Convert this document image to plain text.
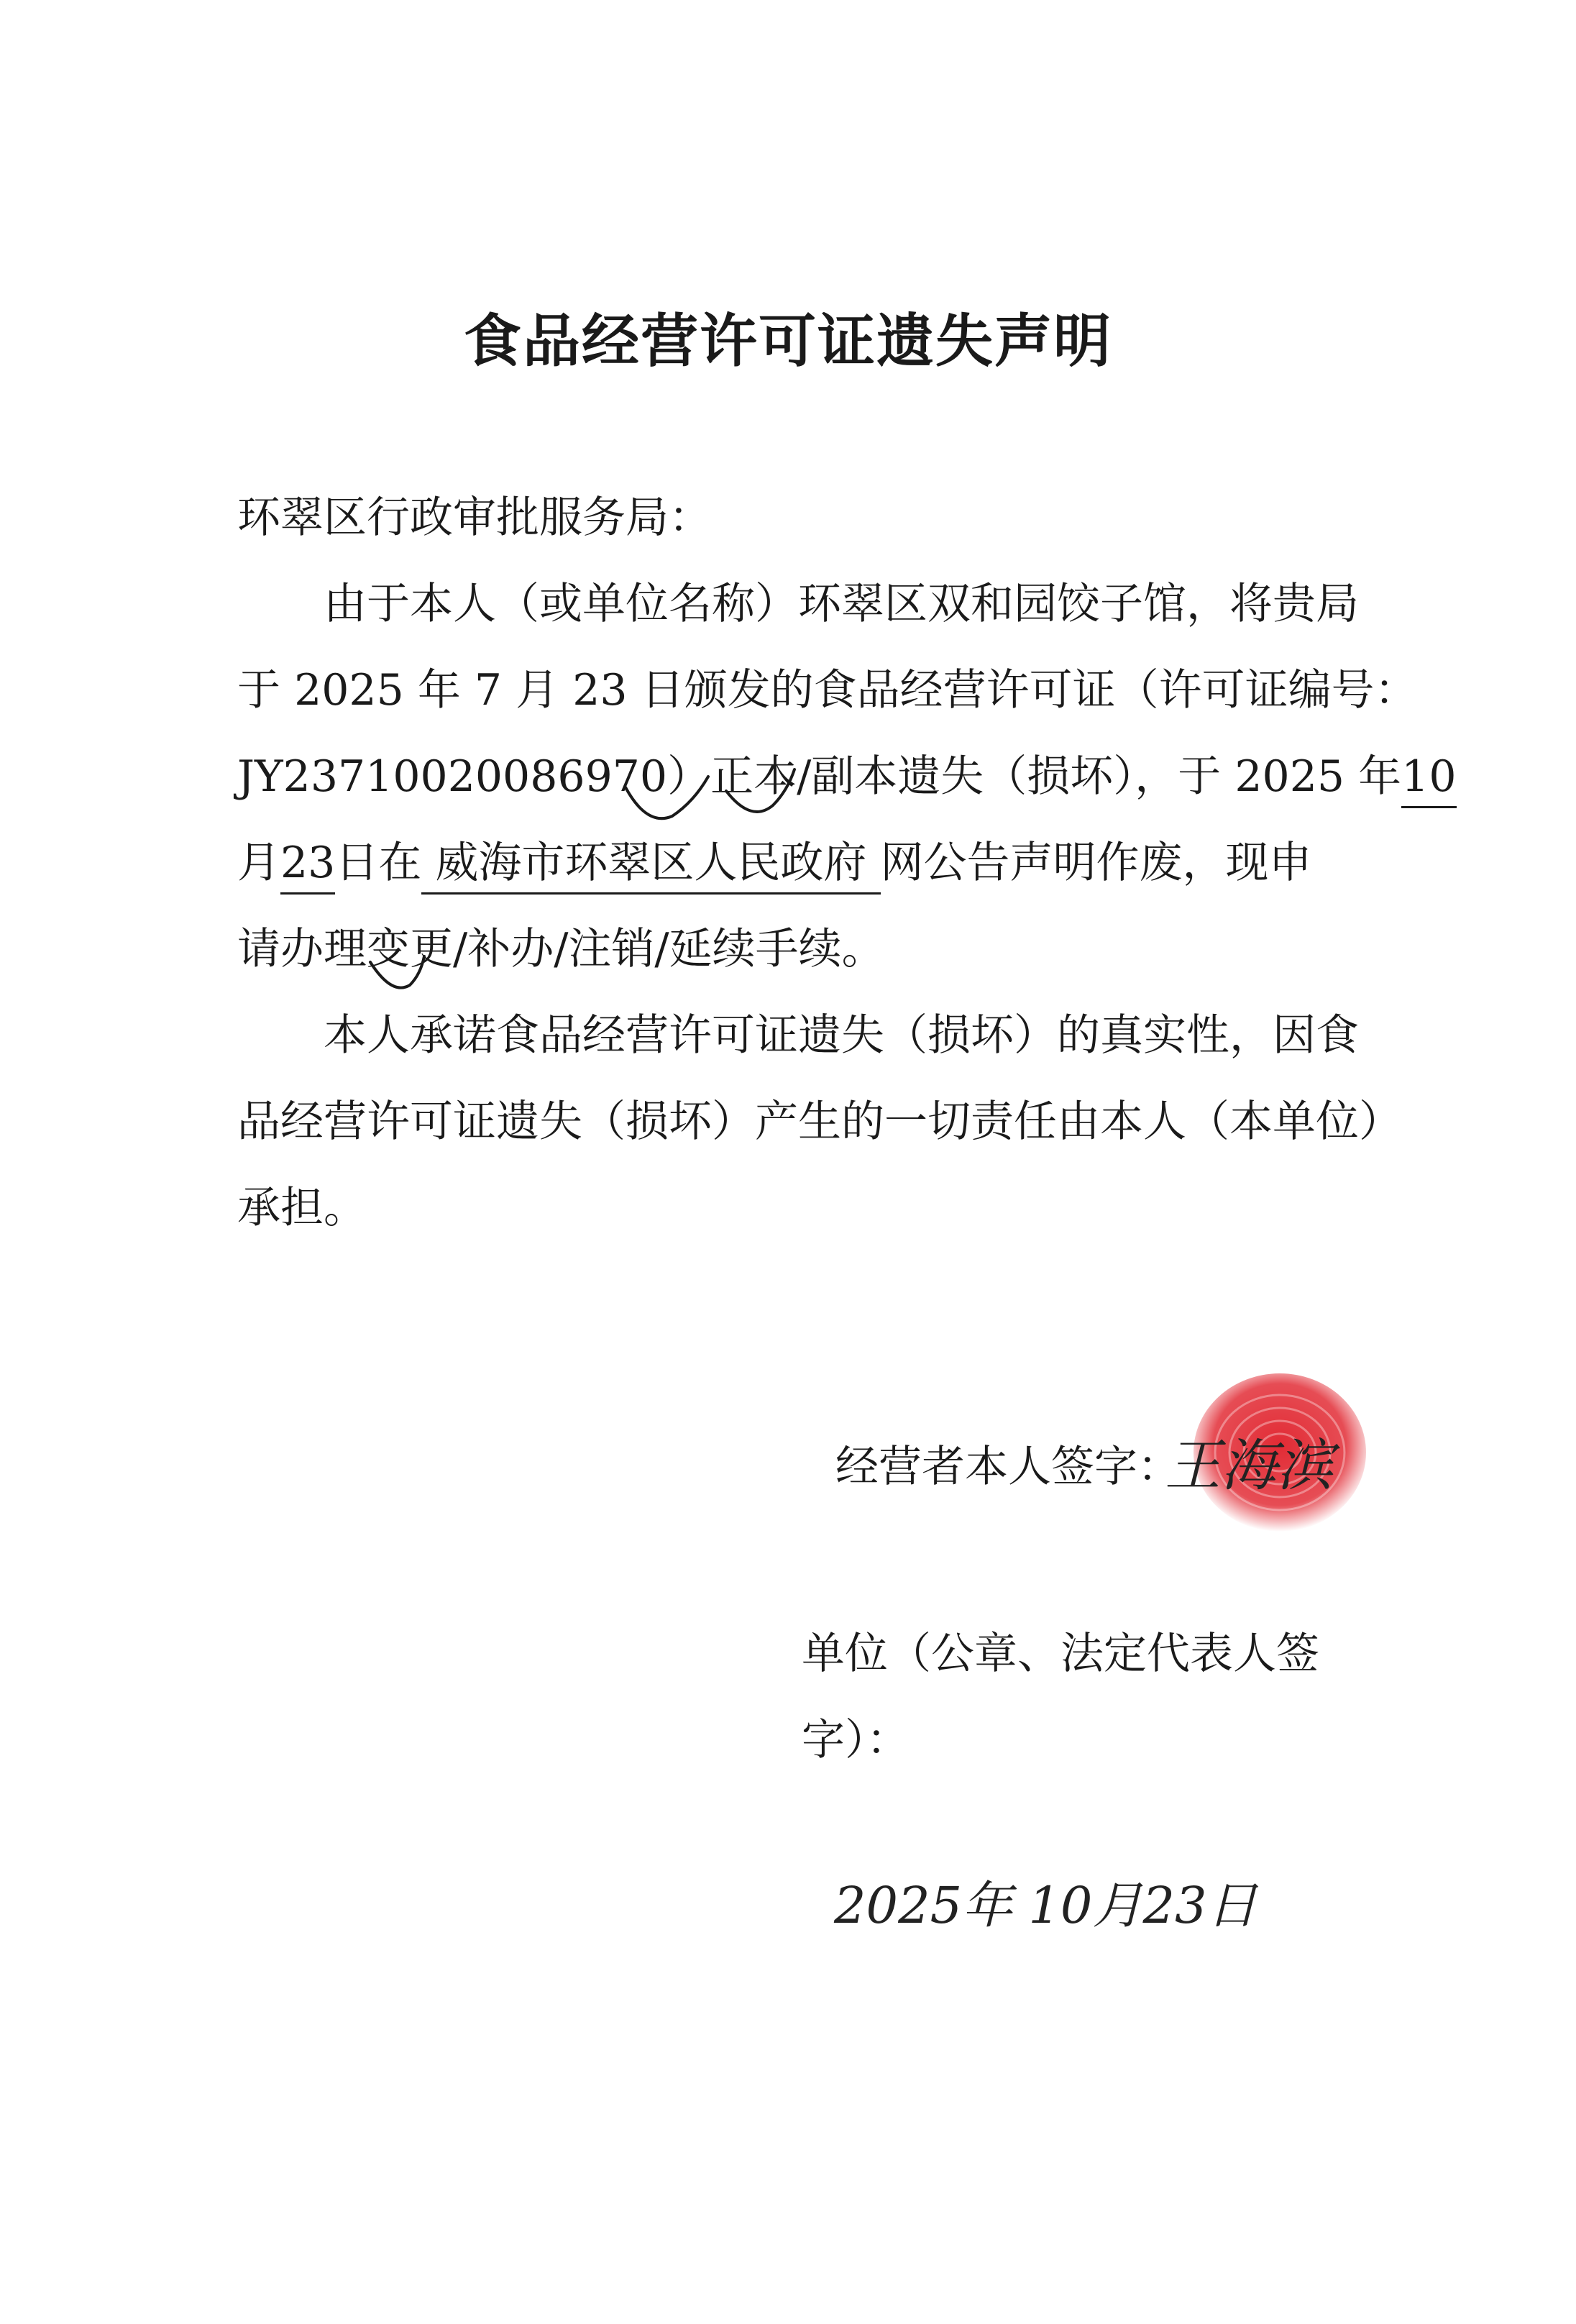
食品经营许可证遗失声明
环翠区行政审批服务局：
由于本人（或单位名称）环翠区双和园饺子馆，将贵局
于 2025 年 7 月 23 日颁发的食品经营许可证（许可证编号：
JY23710020086970）正本/副本遗失（损坏），于 2025 年10
月23日在 威海市环翠区人民政府 网公告声明作废，现申
请办理变更/补办/注销/延续手续。
本人承诺食品经营许可证遗失（损坏）的真实性，因食
品经营许可证遗失（损坏）产生的一切责任由本人（本单位）
承担。
经营者本人签字：
王海滨
单位（公章、法定代表人签
字）：
2025年 10月23日
